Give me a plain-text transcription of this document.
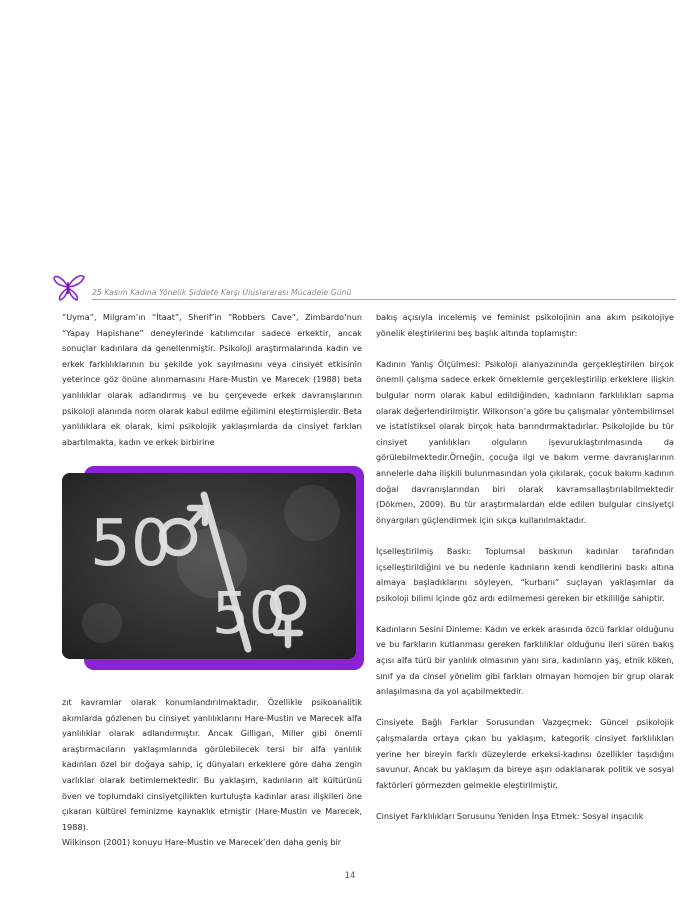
25 Kasım Kadına Yönelik Şiddete Karşı Uluslararası Mücadele Günü

“Uyma”, Milgram’ın “İtaat”, Sherif’in “Robbers Cave”, Zimbardo’nun “Yapay Hapishane” deneylerinde katılımcılar sadece erkektir, ancak sonuçlar kadınlara da genellenmiştir. Psikoloji araştırmalarında kadın ve erkek farklılıklarının bu şekilde yok sayılmasını veya cinsiyet etkisinin yeterince göz önüne alınmamasını Hare-Mustin ve Marecek (1988) beta yanlılıklar olarak adlandırmış ve bu çerçevede erkek davranışlarının psikoloji alanında norm olarak kabul edilme eğilimini eleştirmişlerdir. Beta yanlılıklara ek olarak, kimi psikolojik yaklaşımlarda da cinsiyet farkları abartılmakta, kadın ve erkek birbirine

50
50

zıt kavramlar olarak konumlandırılmaktadır. Özellikle psikoanalitik akımlarda gözlenen bu cinsiyet yanlılıklarını Hare-Mustin ve Marecek alfa yanlılıklar olarak adlandırmıştır. Ancak Gilligan, Miller gibi önemli araştırmacıların yaklaşımlarında görülebilecek tersi bir alfa yanlılık kadınları özel bir doğaya sahip, iç dünyaları erkeklere göre daha zengin varlıklar olarak betimlemektedir. Bu yaklaşım, kadınların alt kültürünü öven ve toplumdaki cinsiyetçilikten kurtuluşta kadınlar arası ilişkileri öne çıkaran kültürel feminizme kaynaklık etmiştir (Hare-Mustin ve Marecek, 1988).

Wilkinson (2001) konuyu Hare-Mustin ve Marecek’den daha geniş bir

bakış açısıyla incelemiş ve feminist psikolojinin ana akım psikolojiye yönelik eleştirilerini beş başlık altında toplamıştır:

Kadının Yanlış Ölçülmesi: Psikoloji alanyazınında gerçekleştirilen birçok önemli çalışma sadece erkek örneklemle gerçekleştirilip erkeklere ilişkin bulgular norm olarak kabul edildiğinden, kadınların farklılıkları sapma olarak değerlendirilmiştir. Wilkonson’a göre bu çalışmalar yöntembilimsel ve istatistiksel olarak birçok hata barındırmaktadırlar. Psikolojide bu tür cinsiyet yanlılıkları olguların işevuruklaştırılmasında da görülebilmektedir.Örneğin, çocuğa ilgi ve bakım verme davranışlarının annelerle daha ilişkili bulunmasından yola çıkılarak, çocuk bakımı kadının doğal davranışlarından biri olarak kavramsallaştırılabilmektedir (Dökmen, 2009). Bu tür araştırmalardan elde edilen bulgular cinsiyetçi önyargıları güçlendirmek için sıkça kullanılmaktadır.

İçselleştirilmiş Baskı: Toplumsal baskının kadınlar tarafından içselleştirildiğini ve bu nedenle kadınların kendi kendilerini baskı altına almaya başladıklarını söyleyen, “kurbanı” suçlayan yaklaşımlar da psikoloji bilimi içinde göz ardı edilmemesi gereken bir etkililiğe sahiptir.

Kadınların Sesini Dinleme: Kadın ve erkek arasında özcü farklar olduğunu ve bu farkların kutlanması gereken farklılıklar olduğunu ileri süren bakış açısı alfa türü bir yanlılık olmasının yanı sıra, kadınların yaş, etnik köken, sınıf ya da cinsel yönelim gibi farkları olmayan homojen bir grup olarak anlaşılmasına da yol açabilmektedir.

Cinsiyete Bağlı Farklar Sorusundan Vazgeçmek: Güncel psikolojik çalışmalarda ortaya çıkan bu yaklaşım, kategorik cinsiyet farklılıkları yerine her bireyin farklı düzeylerde erkeksi-kadınsı özellikler taşıdığını savunur. Ancak bu yaklaşım da bireye aşırı odaklanarak politik ve sosyal faktörleri görmezden gelmekle eleştirilmiştir.

Cinsiyet Farklılıkları Sorusunu Yeniden İnşa Etmek: Sosyal inşacılık

14
